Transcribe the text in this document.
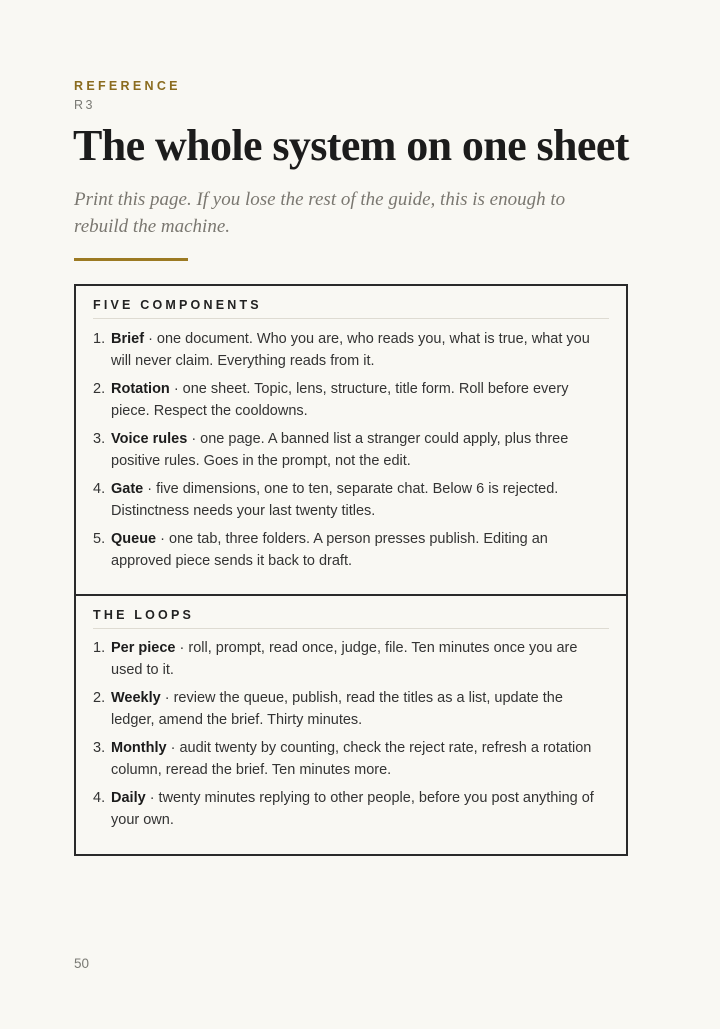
REFERENCE

R3

The whole system on one sheet

Print this page. If you lose the rest of the guide, this is enough to rebuild the machine.

FIVE COMPONENTS

1. Brief · one document. Who you are, who reads you, what is true, what you will never claim. Everything reads from it.
2. Rotation · one sheet. Topic, lens, structure, title form. Roll before every piece. Respect the cooldowns.
3. Voice rules · one page. A banned list a stranger could apply, plus three positive rules. Goes in the prompt, not the edit.
4. Gate · five dimensions, one to ten, separate chat. Below 6 is rejected. Distinctness needs your last twenty titles.
5. Queue · one tab, three folders. A person presses publish. Editing an approved piece sends it back to draft.

THE LOOPS

1. Per piece · roll, prompt, read once, judge, file. Ten minutes once you are used to it.
2. Weekly · review the queue, publish, read the titles as a list, update the ledger, amend the brief. Thirty minutes.
3. Monthly · audit twenty by counting, check the reject rate, refresh a rotation column, reread the brief. Ten minutes more.
4. Daily · twenty minutes replying to other people, before you post anything of your own.

50
